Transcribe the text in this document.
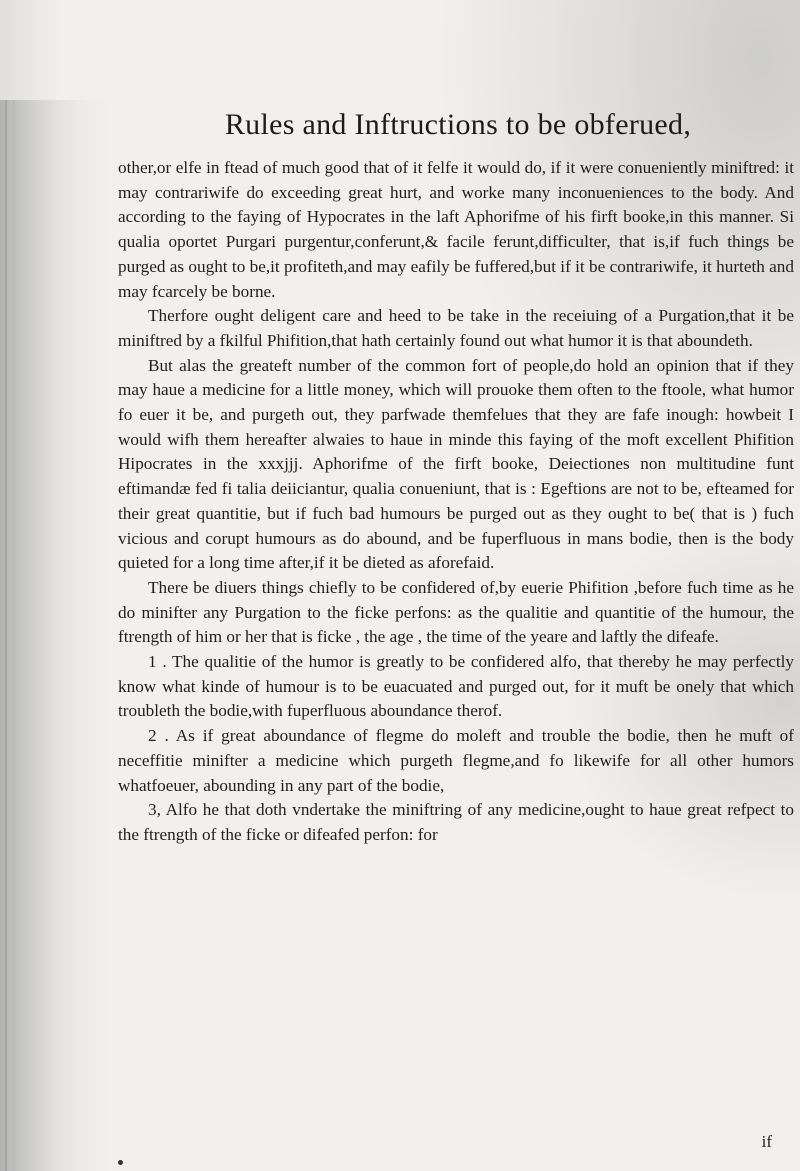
Rules and Inftructions to be obferued,

other,or elfe in ftead of much good that of it felfe it would do, if it were conueniently miniftred: it may contrariwife do exceeding great hurt, and worke many inconueniences to the body. And according to the faying of Hypocrates in the laft Aphorifme of his firft booke,in this manner. Si qualia oportet Purgari purgentur,conferunt,& facile ferunt,difficulter, that is,if fuch things be purged as ought to be,it profiteth,and may eafily be fuffered,but if it be contrariwife, it hurteth and may fcarcely be borne.

Therfore ought deligent care and heed to be take in the receiuing of a Purgation,that it be miniftred by a fkilful Phifition,that hath certainly found out what humor it is that aboundeth.

But alas the greateft number of the common fort of people,do hold an opinion that if they may haue a medicine for a little money, which will prouoke them often to the ftoole, what humor fo euer it be, and purgeth out, they parfwade themfelues that they are fafe inough: howbeit I would wifh them hereafter alwaies to haue in minde this faying of the moft excellent Phifition Hipocrates in the xxxjjj. Aphorifme of the firft booke, Deiectiones non multitudine funt eftimandæ fed fi talia deiiciantur, qualia conueniunt, that is : Egeftions are not to be, efteamed for their great quantitie, but if fuch bad humours be purged out as they ought to be( that is ) fuch vicious and corupt humours as do abound, and be fuperfluous in mans bodie, then is the body quieted for a long time after,if it be dieted as aforefaid.

There be diuers things chiefly to be confidered of,by euerie Phifition ,before fuch time as he do minifter any Purgation to the ficke perfons: as the qualitie and quantitie of the humour, the ftrength of him or her that is ficke , the age , the time of the yeare and laftly the difeafe.

1 . The qualitie of the humor is greatly to be confidered alfo, that thereby he may perfectly know what kinde of humour is to be euacuated and purged out, for it muft be onely that which troubleth the bodie,with fuperfluous aboundance therof.

2 . As if great aboundance of flegme do moleft and trouble the bodie, then he muft of neceffitie minifter a medicine which purgeth flegme,and fo likewife for all other humors whatfoeuer, abounding in any part of the bodie,

3, Alfo he that doth vndertake the miniftring of any medicine,ought to haue great refpect to the ftrength of the ficke or difeafed perfon: for

if
